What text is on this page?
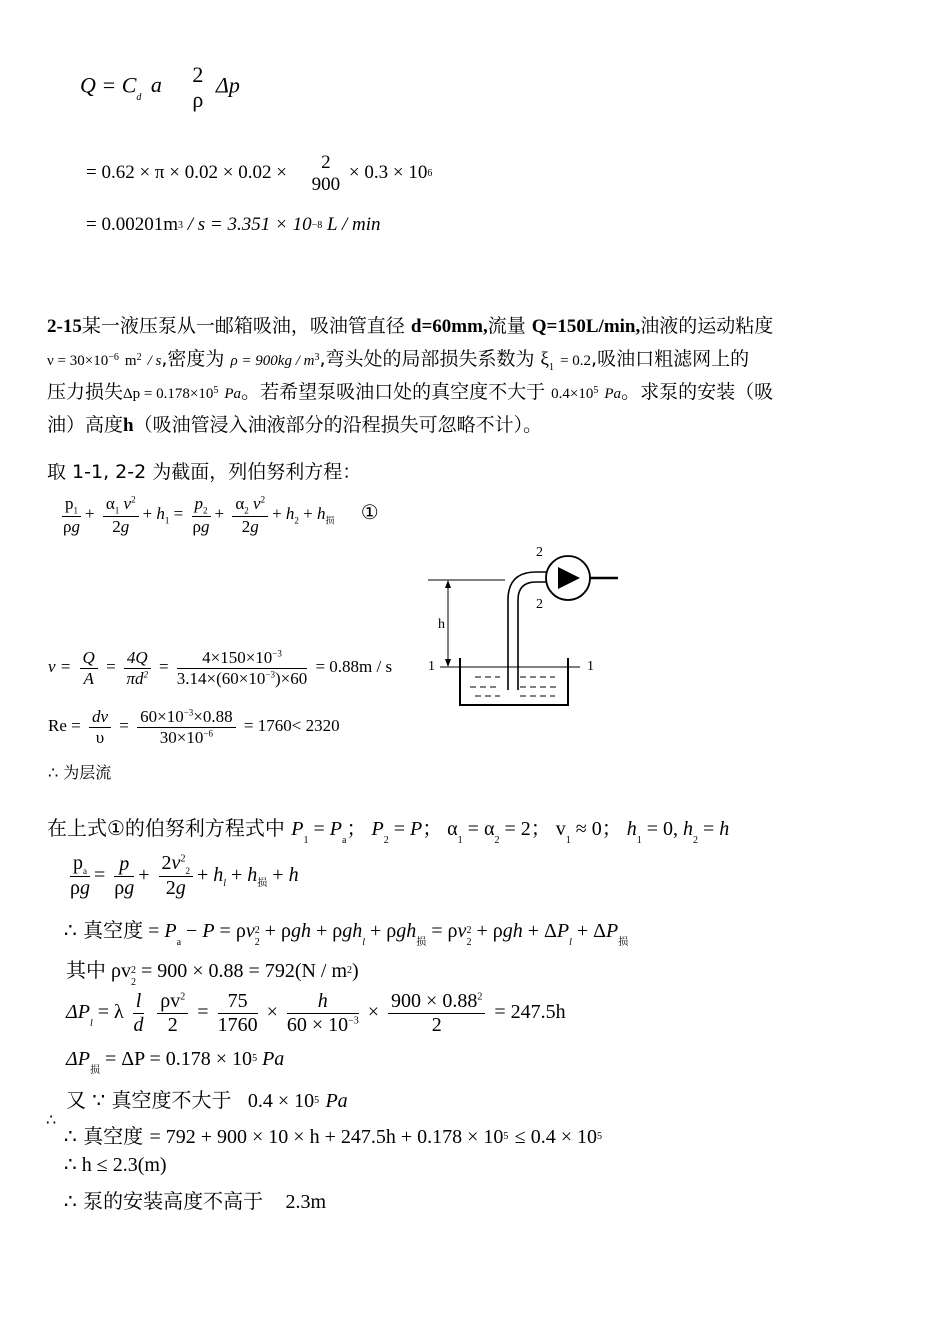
$Q = C_d$ a 2
ρ
Δp
= 0.62 × π × 0.02 × 0.02 ×	2
900
× 0.3 × 106
= 0.00201m3 / s = 3.351 × 10−8 L / min
2-15某一液压泵从一邮箱吸油，吸油管直径 d=60mm,流量 Q=150L/min,油液的运动粘度
$\nu = 30\times 10^{-6}$ $m^2$ / s,密度为 $\rho = 900kg / m^3$,弯头处的局部损失系数为 $\xi_1 = 0.2$,吸油口粗滤网上的
压力损失$\Delta p = 0.178\times 10^5$ Pa。若希望泵吸油口处的真空度不大于 $0.4\times 10^5$ Pa。求泵的安装（吸
油）高度h（吸油管浸入油液部分的沿程损失可忽略不计）。
取 1-1, 2-2 为截面，列伯努利方程：
$\frac{p_1}{\rho g} + \frac{\alpha_1 v^2}{2g} + h_1 = \frac{p_2}{\rho g} + \frac{\alpha_2 v^2}{2g} + h_2 + h_损$ ①
$v = \frac{Q}{A} = \frac{4Q}{\pi d^2} = \frac{4\times 150\times 10^{-3}}{3.14\times(60\times 10^{-3})\times 60} = 0.88m / s$
$Re = \frac{dv}{\upsilon} = \frac{60\times 10^{-3}\times 0.88}{30\times 10^{-6}} = 1760< 2320$
∴ 为层流
h
1	1
2
2
在上式①的伯努利方程式中 $P_1 = P_a$； $P_2 = P$； $\alpha_1 = \alpha_2 = 2$； $v_1 \approx 0$； $h_1 = 0$, $h_2 = h$
$\frac{p_a}{\rho g} = \frac{p}{\rho g} + \frac{2v^2_2}{2g} + h_l + h_损 + h$
∴ 真空度 = $P_a - P = \rho v^2_2 + \rho gh + \rho gh_l + \rho gh_损 = \rho v^2_2 + \rho gh + \Delta P_l + \Delta P_损$
其中 $\rho v^2_2 = 900 \times 0.88 = 792(N / m^2)$
$\Delta P_l = \lambda \frac{l}{d}$
$\frac{\rho v^2}{2} = \frac{75}{1760} \times \frac{h}{60 \times 10^{-3}} \times \frac{900 \times 0.88^2}{2} = 247.5h$
$\Delta P_损 = \Delta P = 0.178 \times 10^5$ Pa
又 ∵ 真空度不大于 $0.4 \times 10^5$ Pa
∴
∴ 真空度 = $792 + 900 \times 10 \times h + 247.5h + 0.178 \times 10^5 \le 0.4 \times 10^5$
∴ h ≤ 2.3(m)
∴ 泵的安装高度不高于 2.3m
